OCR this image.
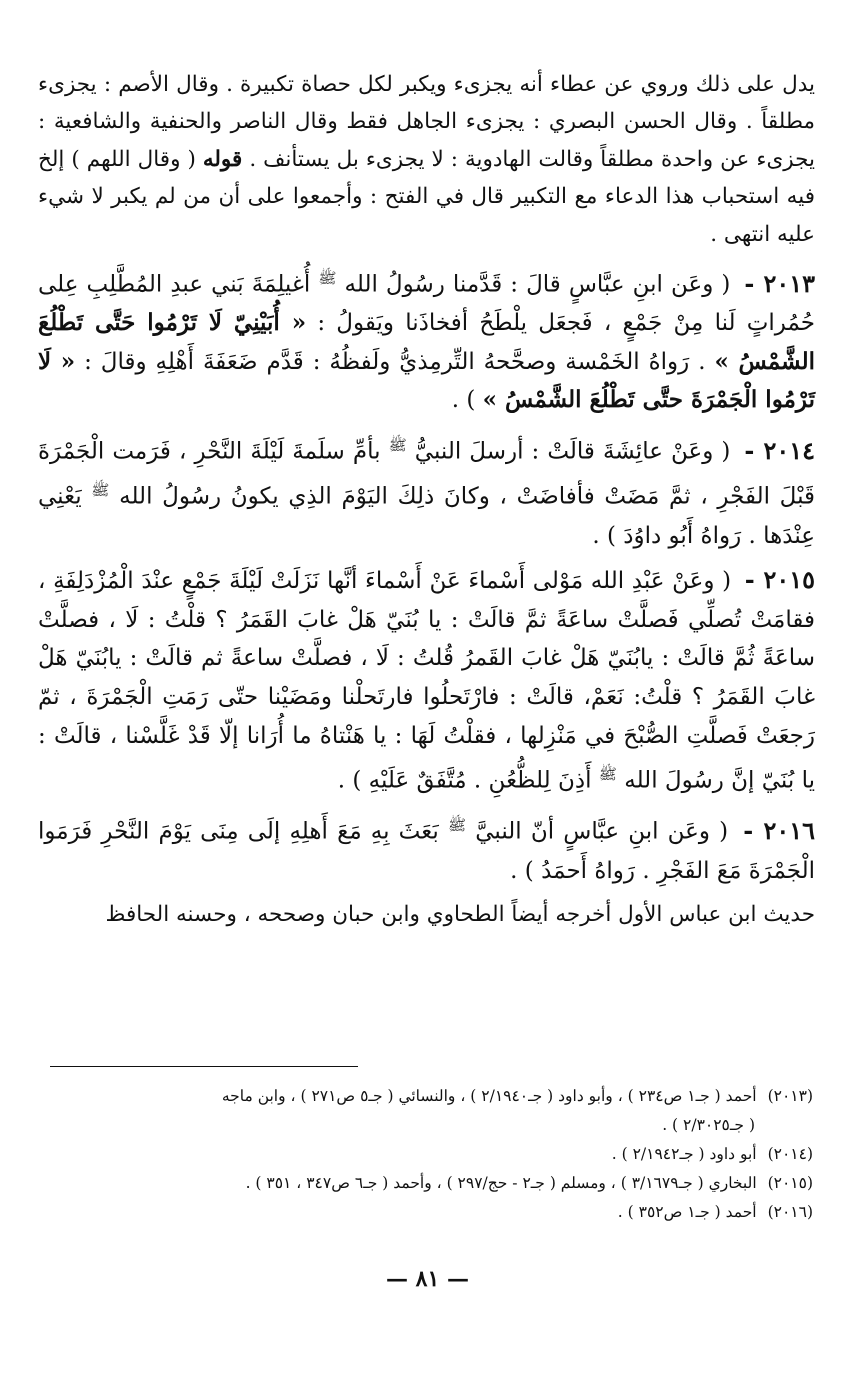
يدل على ذلك وروي عن عطاء أنه يجزىء ويكبر لكل حصاة تكبيرة . وقال الأصم : يجزىء مطلقاً . وقال الحسن البصري : يجزىء الجاهل فقط وقال الناصر والحنفية والشافعية : يجزىء عن واحدة مطلقاً وقالت الهادوية : لا يجزىء بل يستأنف . قوله ( وقال اللهم ) إلخ فيه استحباب هذا الدعاء مع التكبير قال في الفتح : وأجمعوا على أن من لم يكبر لا شيء عليه انتهى .

٢٠١٣ - ( وعَن ابنِ عبَّاسٍ قالَ : قَدَّمنا رسُولُ الله $^ﷺ$ أُغيلِمَةَ بَني عبدِ المُطَّلِبِ عِلى حُمُراتٍ لَنا مِنْ جَمْعٍ ، فَجعَل يلْطَحُ أفخاذَنا ويَقولُ : « أُبَيْنِيّ لَا تَرْمُوا حَتَّى تَطْلُعَ الشَّمْسُ » . رَواهُ الخَمْسة وصحَّحهُ التِّرمِذيُّ ولَفظُهُ : قَدَّم ضَعَفَةَ أَهْلِهِ وقالَ : « لَا تَرْمُوا الْجَمْرَةَ حتَّى تَطْلُعَ الشَّمْسُ » ) .

٢٠١٤ - ( وعَنْ عائِشَةَ قالَتْ : أرسلَ النبيُّ $^ﷺ$ بأمِّ سلَمةَ لَيْلَةَ النَّحْرِ ، فَرَمت الْجَمْرَةَ قَبْلَ الفَجْرِ ، ثمَّ مَضَتْ فأفاضَتْ ، وكانَ ذلِكَ اليَوْمَ الذِي يكونُ رسُولُ الله $^ﷺ$ يَعْنِي عِنْدَها . رَواهُ أَبُو داوُدَ ) .

٢٠١٥ - ( وعَنْ عَبْدِ الله مَوْلى أَسْماءَ عَنْ أَسْماءَ أنَّها نَزَلَتْ لَيْلَةَ جَمْعٍ عنْدَ الْمُزْدَلِفَةِ ، فقامَتْ تُصلِّي فَصلَّتْ ساعَةً ثمَّ قالَتْ : يا بُنَيّ هَلْ غابَ القَمَرُ ؟ قلْتُ : لَا ، فصلَّتْ ساعَةً ثُمَّ قالَتْ : يابُنَيّ هَلْ غابَ القَمرُ قُلتُ : لَا ، فصلَّتْ ساعةً ثم قالَتْ : يابُنَيّ هَلْ غابَ القَمَرُ ؟ قلْتُ: نَعَمْ، قالَتْ : فارْتَحلُوا فارتَحلْنا ومَضَيْنا حتّى رَمَتِ الْجَمْرَةَ ، ثمّ رَجعَتْ فَصلَّتِ الصُّبْحَ في مَنْزِلها ، فقلْتُ لَهَا : يا هَنْتاهُ ما أُرَانا إلّا قَدْ غَلَّسْنا ، قالَتْ : يا بُنَيّ إنَّ رسُولَ الله $^ﷺ$ أَذِنَ لِلظُّعُنِ . مُتَّفَقٌ عَلَيْهِ ) .

٢٠١٦ - ( وعَن ابنِ عبَّاسٍ أنّ النبيَّ $^ﷺ$ بَعَثَ بِهِ مَعَ أَهلِهِ إلَى مِنَى يَوْمَ النَّحْرِ فَرَمَوا الْجَمْرَةَ مَعَ الفَجْرِ . رَواهُ أَحمَدُ ) .

حديث ابن عباس الأول أخرجه أيضاً الطحاوي وابن حبان وصححه ، وحسنه الحافظ

(٢٠١٣) أحمد ( جـ١ ص٢٣٤ ) ، وأبو داود ( جـ٢/١٩٤٠ ) ، والنسائي ( جـ٥ ص٢٧١ ) ، وابن ماجه

( جـ٢/٣٠٢٥ ) .

(٢٠١٤) أبو داود ( جـ٢/١٩٤٢ ) .

(٢٠١٥) البخاري ( جـ٣/١٦٧٩ ) ، ومسلم ( جـ٢ - حج/٢٩٧ ) ، وأحمد ( جـ٦ ص٣٤٧ ، ٣٥١ ) .

(٢٠١٦) أحمد ( جـ١ ص٣٥٢ ) .

— ٨١ —
